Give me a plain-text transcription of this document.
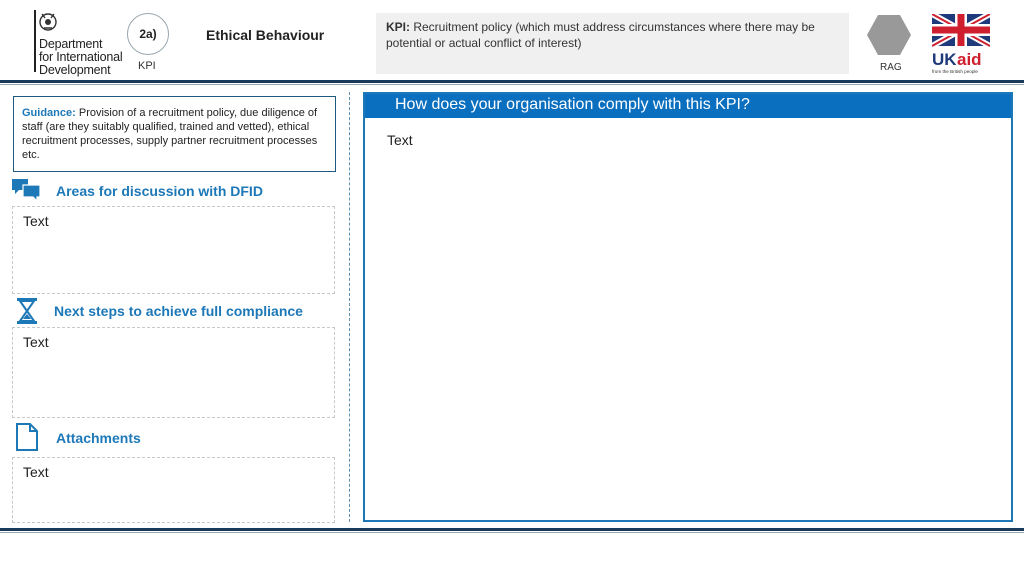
Department
for International
Development
2a)
KPI
Ethical Behaviour	KPI: Recruitment policy (which must address circumstances where there may be potential or actual conflict of interest)
RAG UK aid
from the British people
Guidance: Provision of a recruitment policy, due diligence of staff (are they suitably qualified, trained and vetted), ethical recruitment processes, supply partner recruitment processes etc.
Areas for discussion with DFID
Text
Next steps to achieve full compliance
Text
Attachments
Text
How does your organisation comply with this KPI?
Text
